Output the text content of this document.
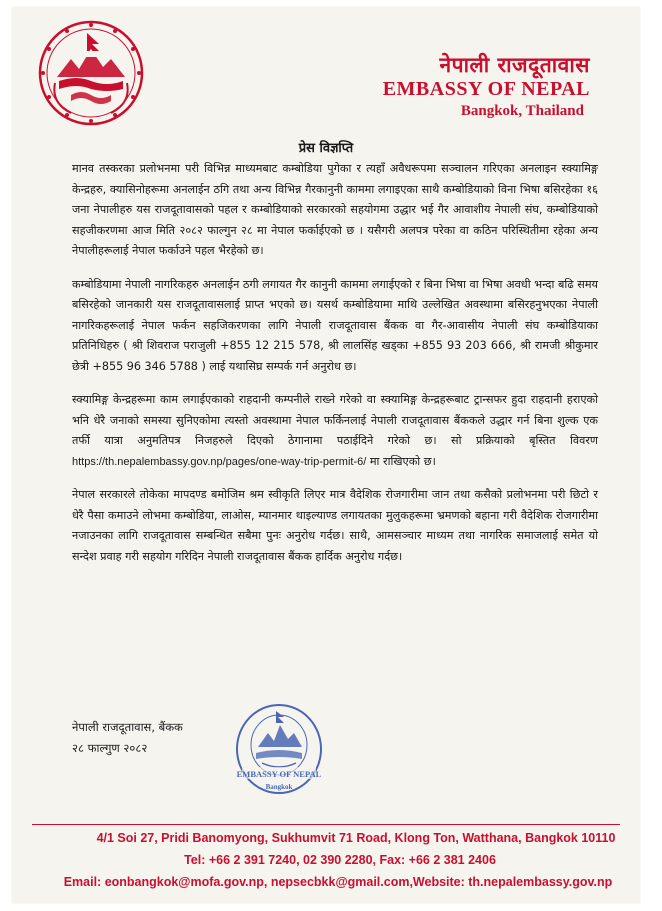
नेपाली राजदूतावास
EMBASSY OF NEPAL
Bangkok, Thailand
प्रेस विज्ञप्ति

मानव तस्करका प्रलोभनमा परी विभिन्न माध्यमबाट कम्बोडिया पुगेका र त्यहाँ अवैधरूपमा सञ्चालन गरिएका अनलाइन स्क्यामिङ्ग केन्द्रहरु, क्यासिनोहरूमा अनलाईन ठगि तथा अन्य विभिन्न गैरकानुनी काममा लगाइएका साथै कम्बोडियाको विना भिषा बसिरहेका १६ जना नेपालीहरु यस राजदूतावासको पहल र कम्बोडियाको सरकारको सहयोगमा उद्धार भई गैर आवाशीय नेपाली संघ, कम्बोडियाको सहजीकरणमा आज मिति २०८२ फाल्गुन २८ मा नेपाल फर्काईएको छ । यसैगरी अलपत्र परेका वा कठिन परिस्थितीमा रहेका अन्य नेपालीहरूलाई नेपाल फर्काउने पहल भैरहेको छ।

कम्बोडियामा नेपाली नागरिकहरु अनलाईन ठगी लगायत गैर कानुनी काममा लगाईएको र बिना भिषा वा भिषा अवधी भन्दा बढि समय बसिरहेको जानकारी यस राजदूतावासलाई प्राप्त भएको छ। यसर्थ कम्बोडियामा माथि उल्लेखित अवस्थामा बसिरहनुभएका नेपाली नागरिकहरूलाई नेपाल फर्कन सहजिकरणका लागि नेपाली राजदूतावास बैंकक वा गैर-आवासीय नेपाली संघ कम्बोडियाका प्रतिनिधिहरु ( श्री शिवराज पराजुली +855 12 215 578, श्री लालसिंह खड्का +855 93 203 666, श्री रामजी श्रीकुमार छेत्री +855 96 346 5788 ) लाई यथासिघ्र सम्पर्क गर्न अनुरोध छ।

स्क्यामिङ्ग केन्द्रहरूमा काम लगाईएकाको राहदानी कम्पनीले राख्ने गरेको वा स्क्यामिङ्ग केन्द्रहरूबाट ट्रान्सफर हुदा राहदानी हराएको भनि धेरै जनाको समस्या सुनिएकोमा त्यस्तो अवस्थामा नेपाल फर्किनलाई नेपाली राजदूतावास बैंककले उद्धार गर्न बिना शुल्क एक तर्फी यात्रा अनुमतिपत्र निजहरुले दिएको ठेगानामा पठाईदिने गरेको छ। सो प्रक्रियाको बृस्तित विवरण https://th.nepalembassy.gov.np/pages/one-way-trip-permit-6/ मा राखिएको छ।

नेपाल सरकारले तोकेका मापदण्ड बमोजिम श्रम स्वीकृति लिएर मात्र वैदेशिक रोजगारीमा जान तथा कसैको प्रलोभनमा परी छिटो र धेरै पैसा कमाउने लोभमा कम्बोडिया, लाओस, म्यानमार थाइल्याण्ड लगायतका मुलुकहरूमा भ्रमणको बहाना गरी वैदेशिक रोजगारीमा नजाउनका लागि राजदूतावास सम्बन्धित सबैमा पुनः अनुरोध गर्दछ। साथै, आमसञ्चार माध्यम तथा नागरिक समाजलाई समेत यो सन्देश प्रवाह गरी सहयोग गरिदिन नेपाली राजदूतावास बैंकक हार्दिक अनुरोध गर्दछ।

नेपाली राजदूतावास, बैंकक
२८ फाल्गुण २०८२
EMBASSY OF NEPAL
Bangkok
4/1 Soi 27, Pridi Banomyong, Sukhumvit 71 Road, Klong Ton, Watthana, Bangkok 10110
Tel: +66 2 391 7240, 02 390 2280, Fax: +66 2 381 2406
Email: eonbangkok@mofa.gov.np, nepsecbkk@gmail.com,Website: th.nepalembassy.gov.np
